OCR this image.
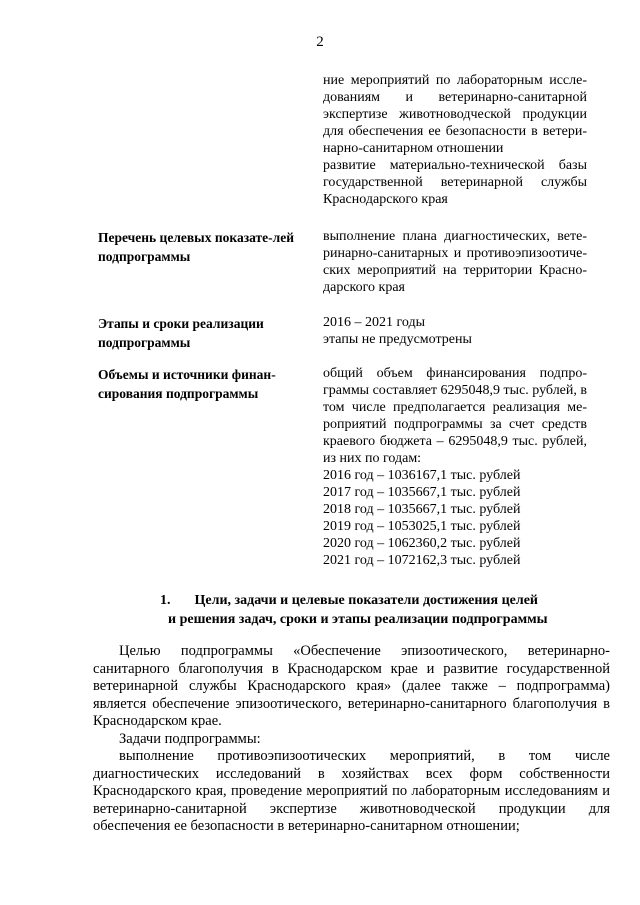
2
ние мероприятий по лабораторным иссле-
дованиям и ветеринарно-санитарной
экспертизе животноводческой продукции
для обеспечения ее безопасности в ветери-
нарно-санитарном отношении
развитие материально-технической базы
государственной ветеринарной службы
Краснодарского края
Перечень целевых показате-лей подпрограммы
выполнение плана диагностических, вете-
ринарно-санитарных и противоэпизоотиче-
ских мероприятий на территории Красно-
дарского края
Этапы и сроки реализации подпрограммы
2016 – 2021 годы
этапы не предусмотрены
Объемы и источники финан-сирования подпрограммы
общий объем финансирования подпро-
граммы составляет 6295048,9 тыс. рублей, в
том числе предполагается реализация ме-
роприятий подпрограммы за счет средств
краевого бюджета – 6295048,9 тыс. рублей,
из них по годам:
2016 год – 1036167,1 тыс. рублей
2017 год – 1035667,1 тыс. рублей
2018 год – 1035667,1 тыс. рублей
2019 год – 1053025,1 тыс. рублей
2020 год – 1062360,2 тыс. рублей
2021 год – 1072162,3 тыс. рублей
1. Цели, задачи и целевые показатели достижения целей
и решения задач, сроки и этапы реализации подпрограммы

Целью подпрограммы «Обеспечение эпизоотического, ветеринарно-санитарного благополучия в Краснодарском крае и развитие государственной ветеринарной службы Краснодарского края» (далее также – подпрограмма) является обеспечение эпизоотического, ветеринарно-санитарного благополучия в Краснодарском крае.

Задачи подпрограммы:

выполнение противоэпизоотических мероприятий, в том числе диагностических исследований в хозяйствах всех форм собственности Краснодарского края, проведение мероприятий по лабораторным исследованиям и ветеринарно-санитарной экспертизе животноводческой продукции для обеспечения ее безопасности в ветеринарно-санитарном отношении;
